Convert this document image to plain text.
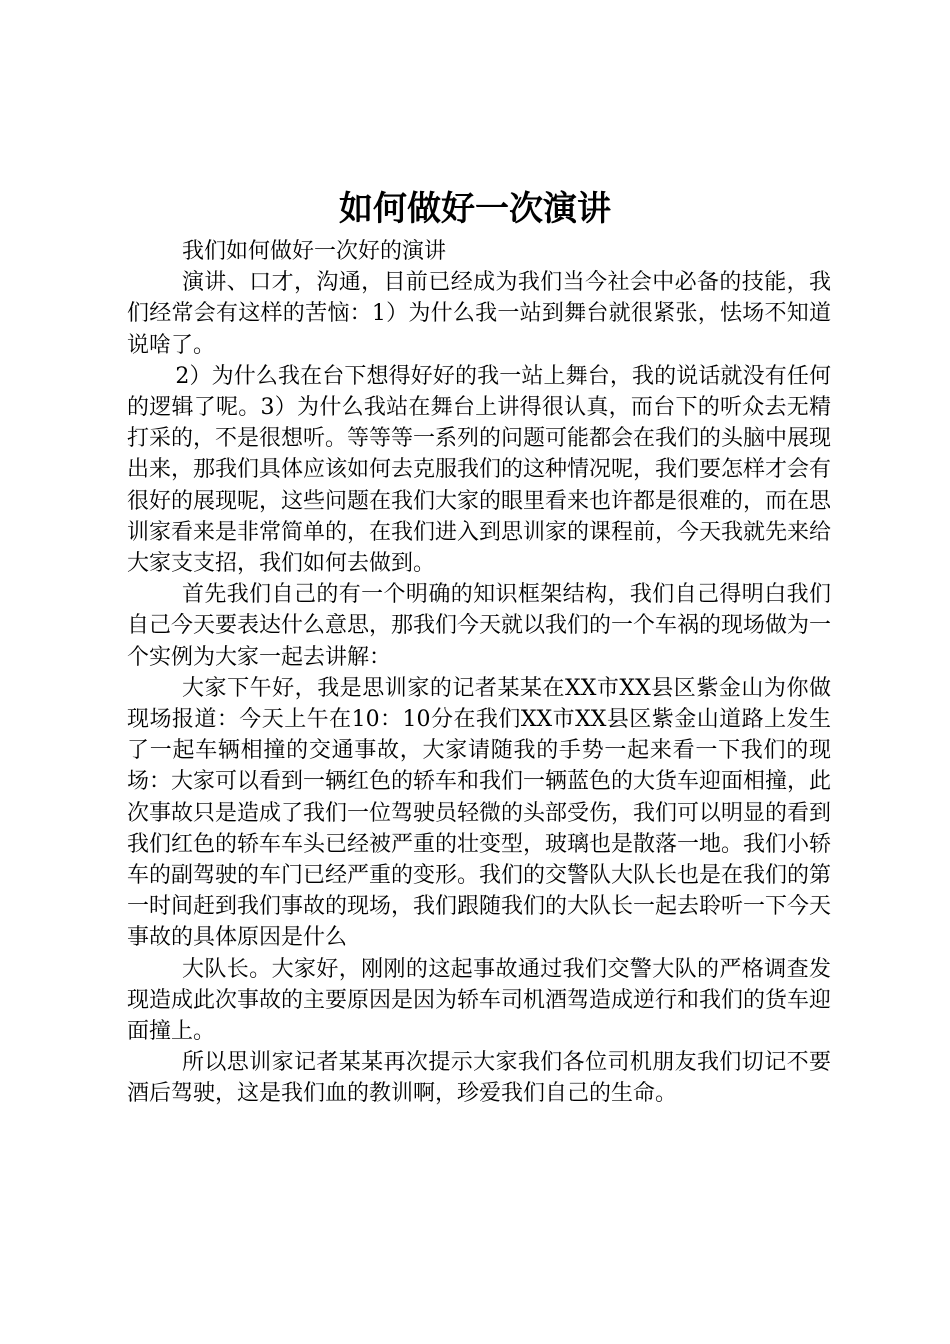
如何做好一次演讲

我们如何做好一次好的演讲

演讲、口才，沟通，目前已经成为我们当今社会中必备的技能，我们经常会有这样的苦恼：1）为什么我一站到舞台就很紧张，怯场不知道说啥了。

2）为什么我在台下想得好好的我一站上舞台，我的说话就没有任何的逻辑了呢。3）为什么我站在舞台上讲得很认真，而台下的听众去无精打采的，不是很想听。等等等一系列的问题可能都会在我们的头脑中展现出来，那我们具体应该如何去克服我们的这种情况呢，我们要怎样才会有很好的展现呢，这些问题在我们大家的眼里看来也许都是很难的，而在思训家看来是非常简单的，在我们进入到思训家的课程前，今天我就先来给大家支支招，我们如何去做到。

首先我们自己的有一个明确的知识框架结构，我们自己得明白我们自己今天要表达什么意思，那我们今天就以我们的一个车祸的现场做为一个实例为大家一起去讲解：

大家下午好，我是思训家的记者某某在XX市XX县区紫金山为你做现场报道：今天上午在10：10分在我们XX市XX县区紫金山道路上发生了一起车辆相撞的交通事故，大家请随我的手势一起来看一下我们的现场：大家可以看到一辆红色的轿车和我们一辆蓝色的大货车迎面相撞，此次事故只是造成了我们一位驾驶员轻微的头部受伤，我们可以明显的看到我们红色的轿车车头已经被严重的壮变型，玻璃也是散落一地。我们小轿车的副驾驶的车门已经严重的变形。我们的交警队大队长也是在我们的第一时间赶到我们事故的现场，我们跟随我们的大队长一起去聆听一下今天事故的具体原因是什么

大队长。大家好，刚刚的这起事故通过我们交警大队的严格调查发现造成此次事故的主要原因是因为轿车司机酒驾造成逆行和我们的货车迎面撞上。

所以思训家记者某某再次提示大家我们各位司机朋友我们切记不要酒后驾驶，这是我们血的教训啊，珍爱我们自己的生命。
